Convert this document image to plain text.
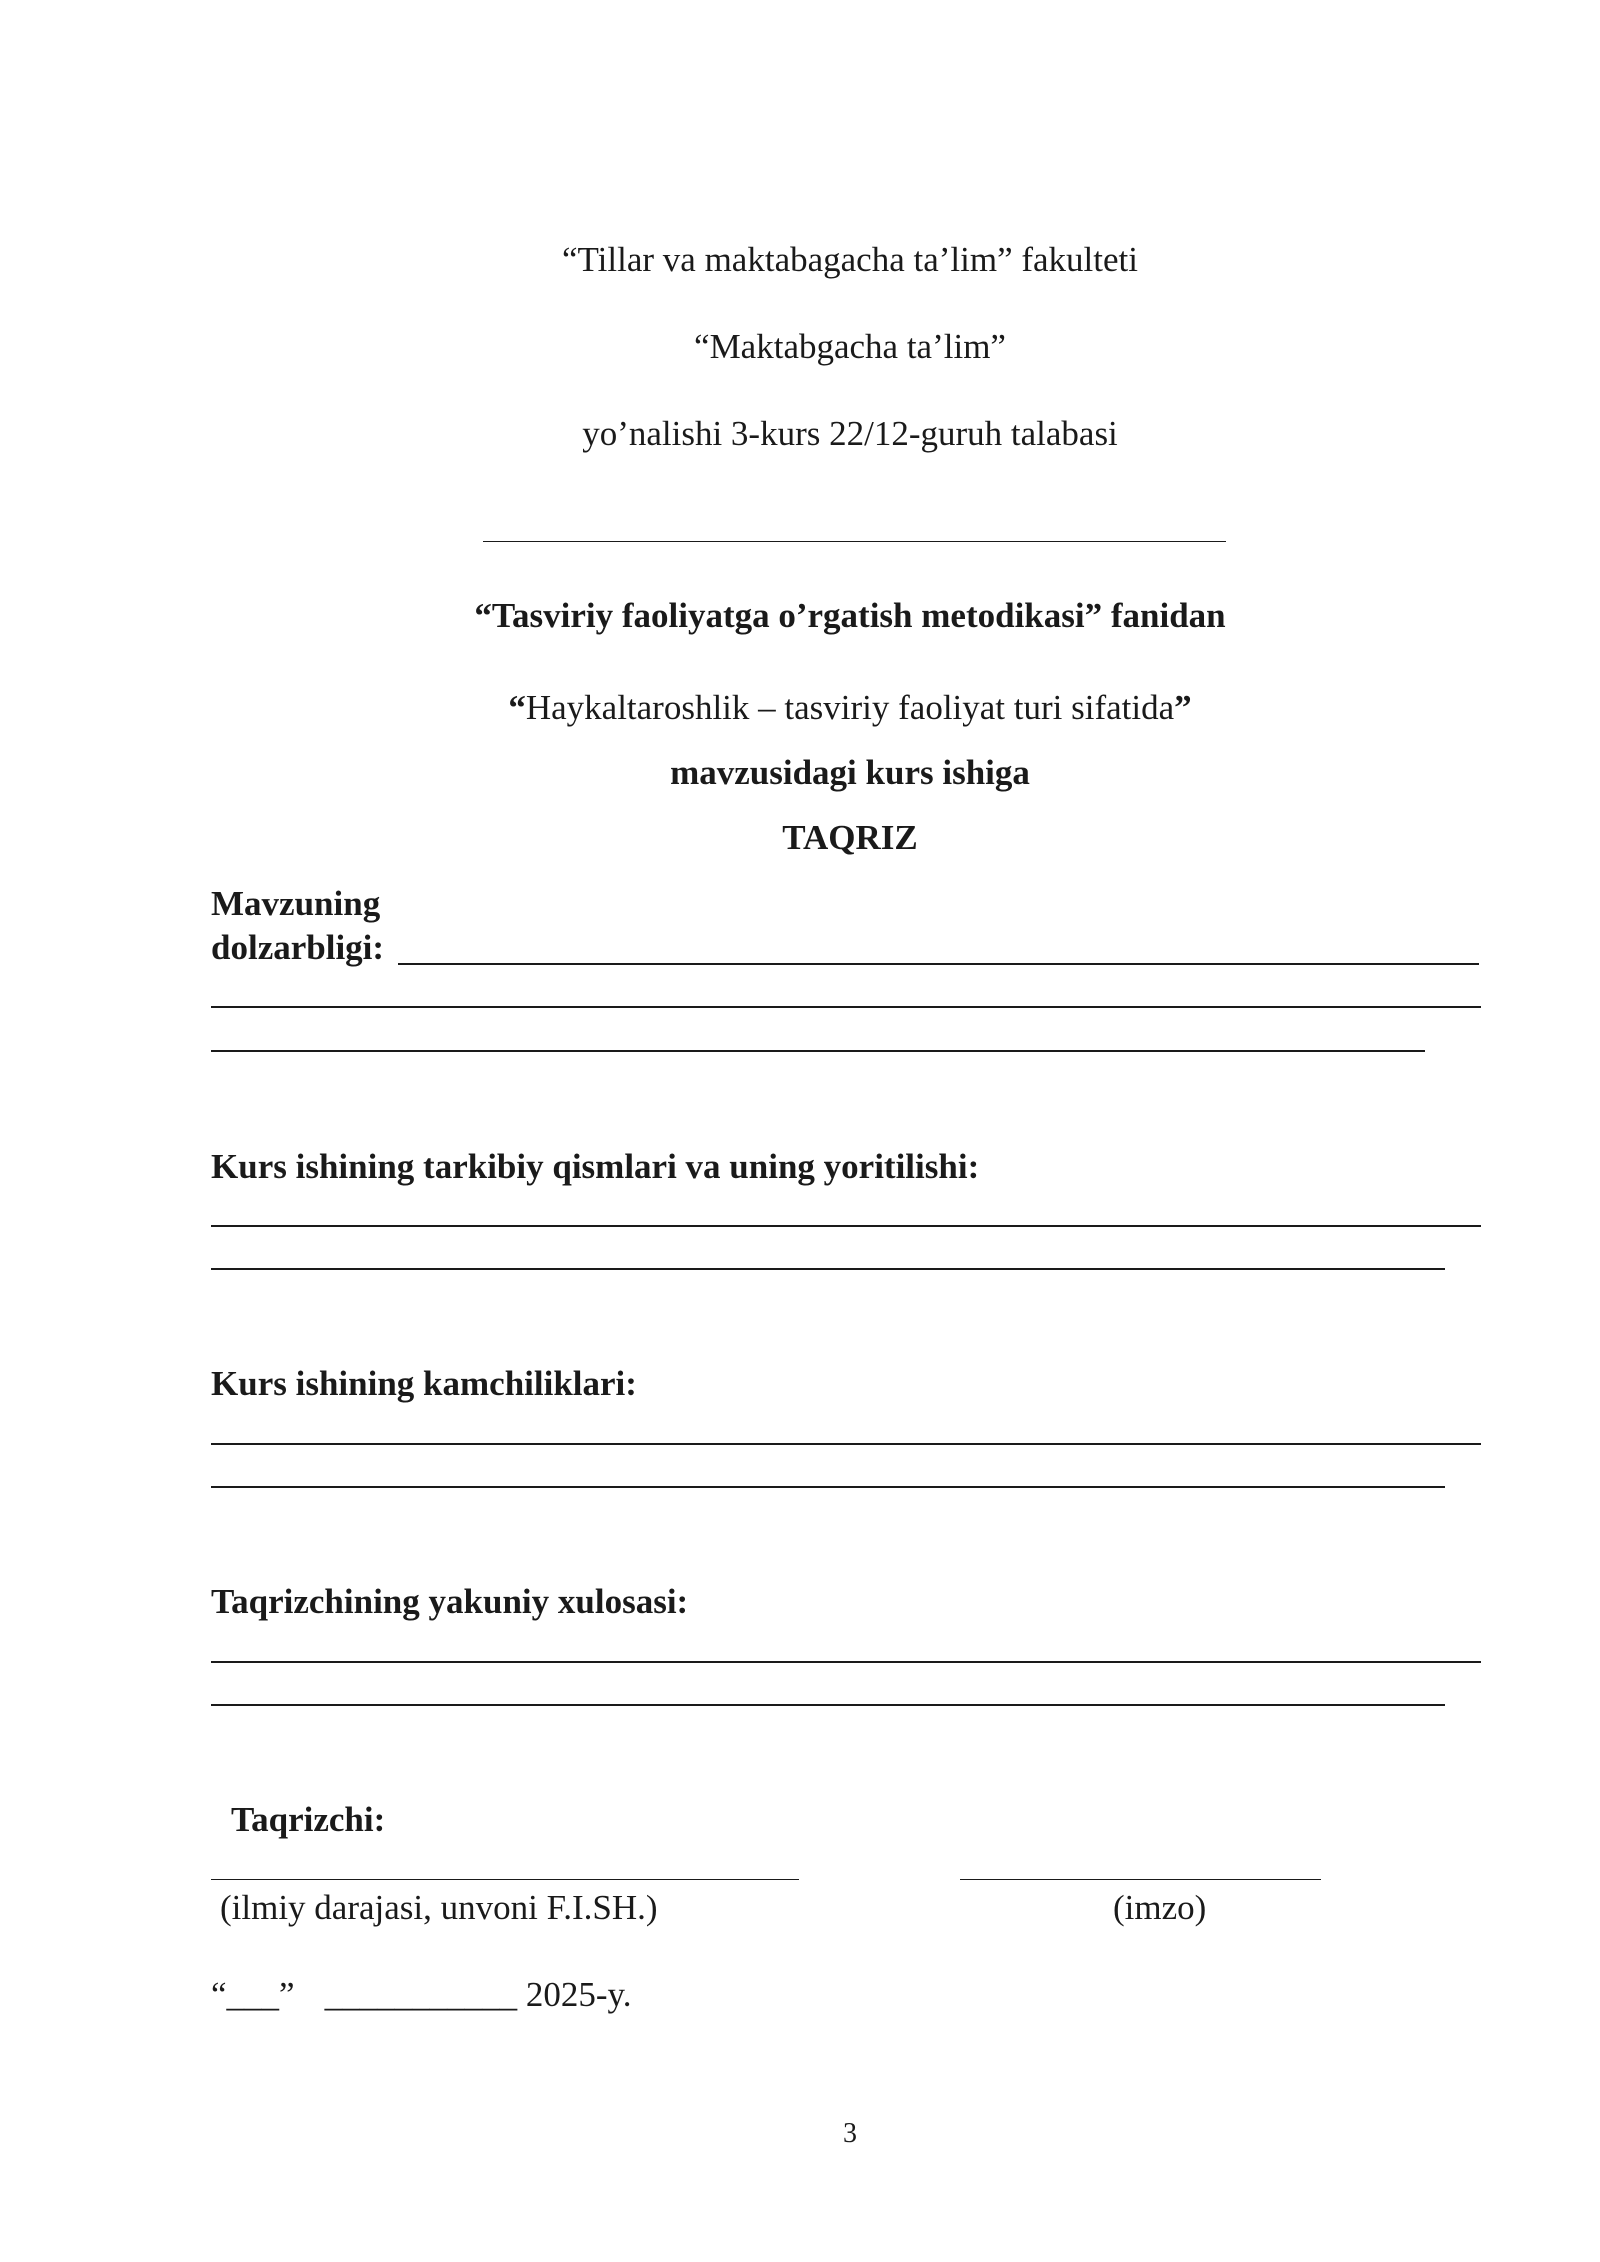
“Tillar va maktabagacha ta’lim” fakulteti
“Maktabgacha ta’lim”
yo’nalishi 3-kurs 22/12-guruh talabasi
“Tasviriy faoliyatga o’rgatish metodikasi” fanidan
“Haykaltaroshlik – tasviriy faoliyat turi sifatida”
mavzusidagi kurs ishiga
TAQRIZ
Mavzuning
dolzarbligi:
Kurs ishining tarkibiy qismlari va uning yoritilishi:
Kurs ishining kamchiliklari:
Taqrizchining yakuniy xulosasi:
Taqrizchi:
(ilmiy darajasi, unvoni F.I.SH.)	(imzo)
“___” ___________ 2025-y.
3
